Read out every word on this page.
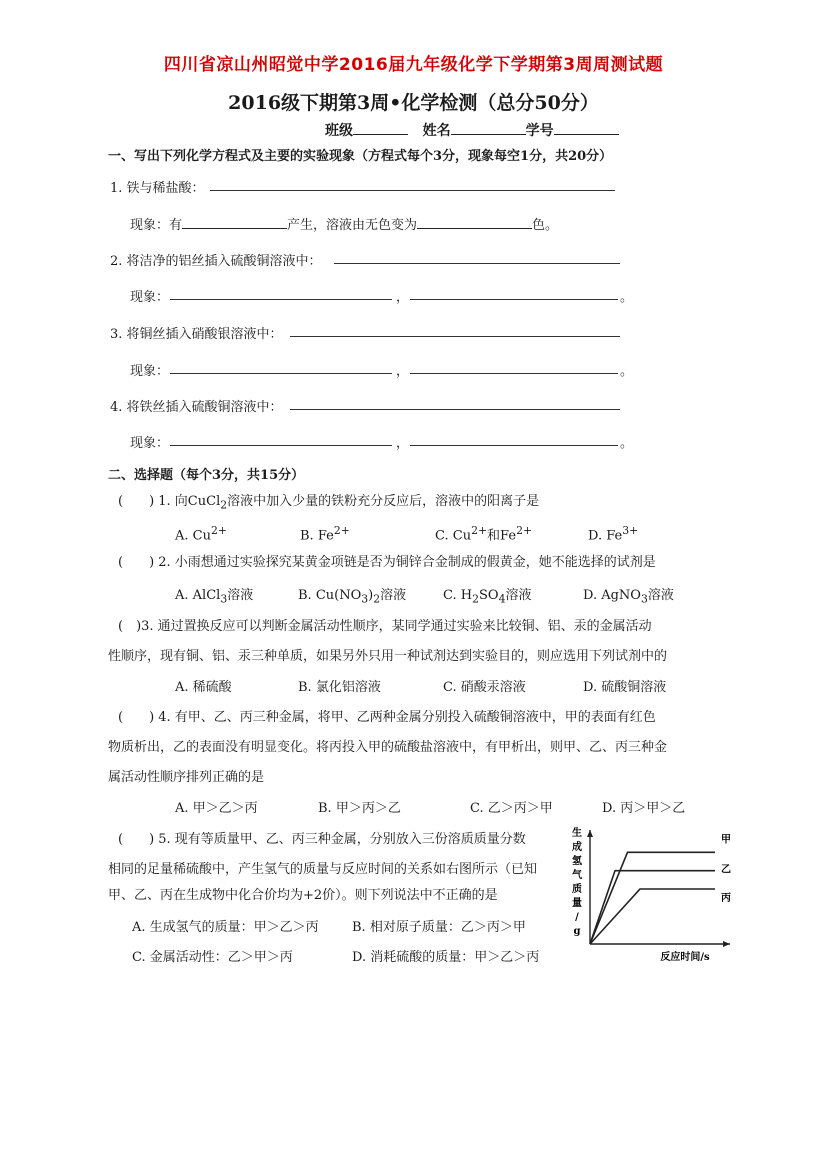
四川省凉山州昭觉中学2016届九年级化学下学期第3周周测试题
2016级下期第3周•化学检测（总分50分）
班级	姓名	学号
一、写出下列化学方程式及主要的实验现象（方程式每个3分，现象每空1分，共20分）
1. 铁与稀盐酸：
现象：有	产生，溶液由无色变为	色。
2. 将洁净的铝丝插入硫酸铜溶液中：
现象：	，	。
3. 将铜丝插入硝酸银溶液中：
现象：	，	。
4. 将铁丝插入硫酸铜溶液中：
现象：	，	。
二、选择题（每个3分，共15分）
(　　) 1. 向CuCl$_2$溶液中加入少量的铁粉充分反应后，溶液中的阳离子是
A. $Cu^{2+}$	B. $Fe^{2+}$	C. $Cu^{2+}$和$Fe^{2+}$	D. $Fe^{3+}$
(　　) 2. 小雨想通过实验探究某黄金项链是否为铜锌合金制成的假黄金，她不能选择的试剂是
A. AlCl$_3$溶液	B. $Cu(NO_3)_2$溶液	C. $H_2SO_4$溶液	D. AgNO$_3$溶液
(　)3. 通过置换反应可以判断金属活动性顺序，某同学通过实验来比较铜、铝、汞的金属活动
性顺序，现有铜、铝、汞三种单质，如果另外只用一种试剂达到实验目的，则应选用下列试剂中的
A. 稀硫酸	B. 氯化铝溶液	C. 硝酸汞溶液	D. 硫酸铜溶液
(　　) 4. 有甲、乙、丙三种金属，将甲、乙两种金属分别投入硫酸铜溶液中，甲的表面有红色
物质析出，乙的表面没有明显变化。将丙投入甲的硫酸盐溶液中，有甲析出，则甲、乙、丙三种金
属活动性顺序排列正确的是
A. 甲＞乙＞丙	B. 甲＞丙＞乙	C. 乙＞丙＞甲	D. 丙＞甲＞乙
(　　) 5. 现有等质量甲、乙、丙三种金属，分别放入三份溶质质量分数
相同的足量稀硫酸中，产生氢气的质量与反应时间的关系如右图所示（已知
甲、乙、丙在生成物中化合价均为+2价）。则下列说法中不正确的是
A. 生成氢气的质量：甲＞乙＞丙	B. 相对原子质量：乙＞丙＞甲
C. 金属活动性：乙＞甲＞丙	D. 消耗硫酸的质量：甲＞乙＞丙
生成氢气质量/ g
甲
乙
丙
反应时间/s
